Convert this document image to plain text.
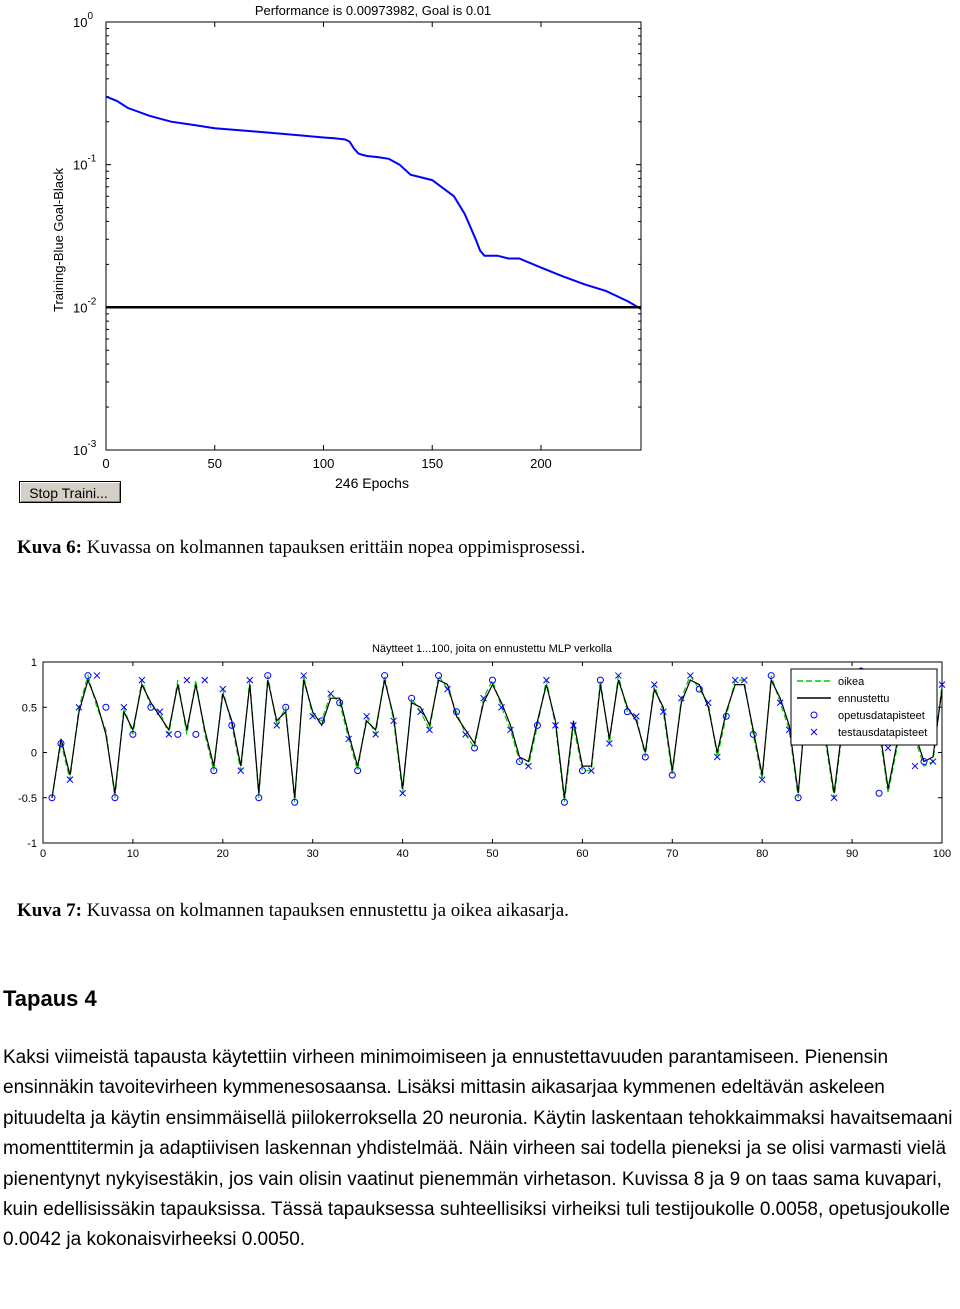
Performance is 0.00973982, Goal is 0.01
$10^0$
$10^{-1}$
$10^{-2}$
$10^{-3}$
0	50	100	150	200
Training-Blue Goal-Black
246 Epochs
Stop Traini...
Kuva 6: Kuvassa on kolmannen tapauksen erittäin nopea oppimisprosessi.
Näytteet 1...100, joita on ennustettu MLP verkolla
0	10	20	30	40	50	60	70	80	90	100
1
0.5
0
-0.5
-1
oikea
ennustettu
opetusdatapisteet
testausdatapisteet
Kuva 7: Kuvassa on kolmannen tapauksen ennustettu ja oikea aikasarja.
Tapaus 4
Kaksi viimeistä tapausta käytettiin virheen minimoimiseen ja ennustettavuuden parantamiseen. Pienensin ensinnäkin tavoitevirheen kymmenesosaansa. Lisäksi mittasin aikasarjaa kymmenen edeltävän askeleen pituudelta ja käytin ensimmäisellä piilokerroksella 20 neuronia. Käytin laskentaan tehokkaimmaksi havaitsemaani momenttitermin ja adaptiivisen laskennan yhdistelmää. Näin virheen sai todella pieneksi ja se olisi varmasti vielä pienentynyt nykyisestäkin, jos vain olisin vaatinut pienemmän virhetason. Kuvissa 8 ja 9 on taas sama kuvapari, kuin edellisissäkin tapauksissa. Tässä tapauksessa suhteellisiksi virheiksi tuli testijoukolle 0.0058, opetusjoukolle 0.0042 ja kokonaisvirheeksi 0.0050.
